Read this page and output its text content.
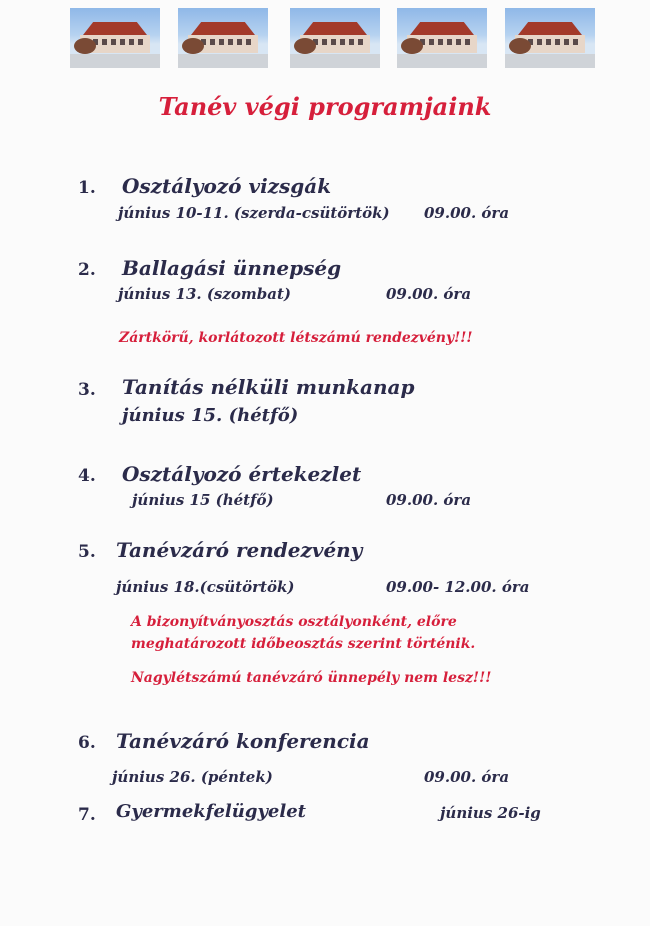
Tanév végi programjaink
1. Osztályozó vizsgák
június 10-11. (szerda-csütörtök) 09.00. óra
2. Ballagási ünnepség
június 13. (szombat)	09.00. óra
Zártkörű, korlátozott létszámú rendezvény!!!
3. Tanítás nélküli munkanap
június 15. (hétfő)
4. Osztályozó értekezlet
június 15 (hétfő)	09.00. óra
5. Tanévzáró rendezvény
június 18.(csütörtök)	09.00- 12.00. óra
A bizonyítványosztás osztályonként, előre
meghatározott időbeosztás szerint történik.
Nagylétszámú tanévzáró ünnepély nem lesz!!!
6. Tanévzáró konferencia
június 26. (péntek)	09.00. óra
7. Gyermekfelügyelet	június 26-ig
